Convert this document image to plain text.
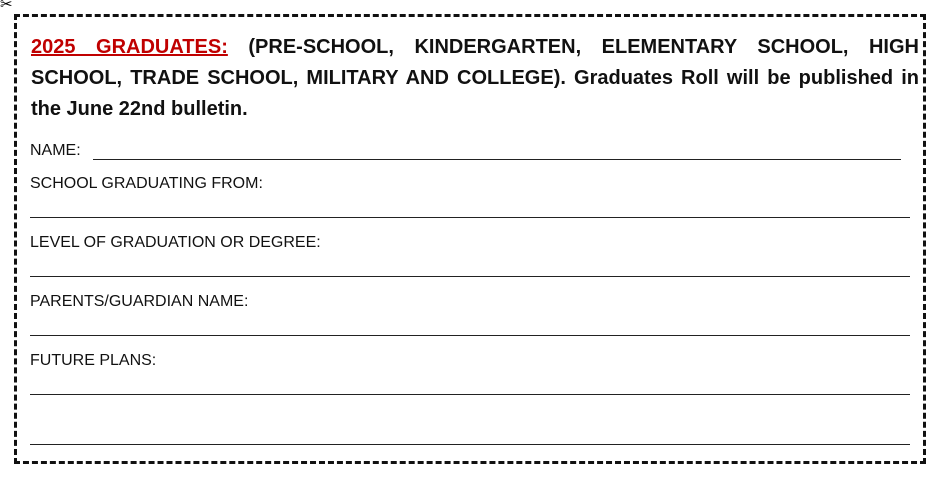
✂

2025 GRADUATES: (PRE-SCHOOL, KINDERGARTEN, ELEMENTARY SCHOOL, HIGH SCHOOL, TRADE SCHOOL, MILITARY AND COLLEGE). Graduates Roll will be published in the June 22nd bulletin.

NAME:
SCHOOL GRADUATING FROM:
LEVEL OF GRADUATION OR DEGREE:
PARENTS/GUARDIAN NAME:
FUTURE PLANS:
